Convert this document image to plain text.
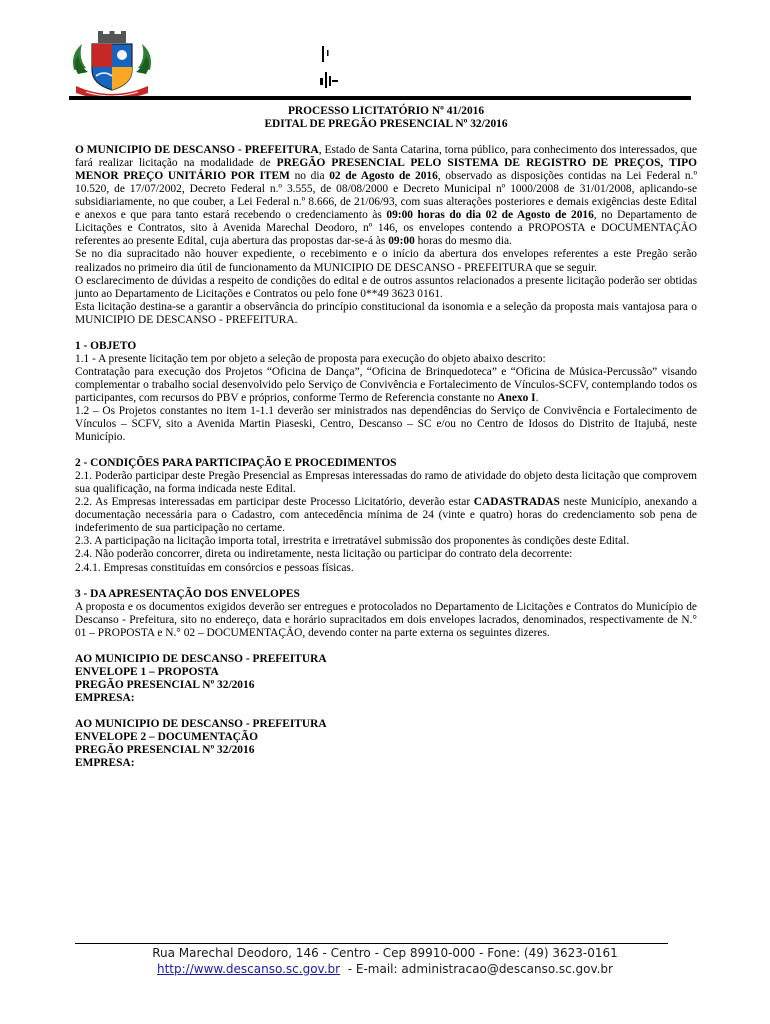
PROCESSO LICITATÓRIO Nº 41/2016

EDITAL DE PREGÃO PRESENCIAL Nº 32/2016

O MUNICIPIO DE DESCANSO - PREFEITURA, Estado de Santa Catarina, torna público, para conhecimento dos interessados, que fará realizar licitação na modalidade de PREGÃO PRESENCIAL PELO SISTEMA DE REGISTRO DE PREÇOS, TIPO MENOR PREÇO UNITÁRIO POR ITEM no dia 02 de Agosto de 2016, observado as disposições contidas na Lei Federal n.º 10.520, de 17/07/2002, Decreto Federal n.º 3.555, de 08/08/2000 e Decreto Municipal nº 1000/2008 de 31/01/2008, aplicando-se subsidiariamente, no que couber, a Lei Federal n.º 8.666, de 21/06/93, com suas alterações posteriores e demais exigências deste Edital e anexos e que para tanto estará recebendo o credenciamento às 09:00 horas do dia 02 de Agosto de 2016, no Departamento de Licitações e Contratos, sito à Avenida Marechal Deodoro, nº 146, os envelopes contendo a PROPOSTA e DOCUMENTAÇÃO referentes ao presente Edital, cuja abertura das propostas dar-se-á às 09:00 horas do mesmo dia.

Se no dia supracitado não houver expediente, o recebimento e o início da abertura dos envelopes referentes a este Pregão serão realizados no primeiro dia útil de funcionamento da MUNICIPIO DE DESCANSO - PREFEITURA que se seguir.

O esclarecimento de dúvidas a respeito de condições do edital e de outros assuntos relacionados a presente licitação poderão ser obtidas junto ao Departamento de Licitações e Contratos ou pelo fone 0**49 3623 0161.

Esta licitação destina-se a garantir a observância do princípio constitucional da isonomia e a seleção da proposta mais vantajosa para o MUNICIPIO DE DESCANSO - PREFEITURA.

1 - OBJETO

1.1 - A presente licitação tem por objeto a seleção de proposta para execução do objeto abaixo descrito:

Contratação para execução dos Projetos “Oficina de Dança”, “Oficina de Brinquedoteca” e “Oficina de Música-Percussão” visando complementar o trabalho social desenvolvido pelo Serviço de Convivência e Fortalecimento de Vínculos-SCFV, contemplando todos os participantes, com recursos do PBV e próprios, conforme Termo de Referencia constante no Anexo I.

1.2 – Os Projetos constantes no item 1-1.1 deverão ser ministrados nas dependências do Serviço de Convivência e Fortalecimento de Vínculos – SCFV, sito a Avenida Martin Piaseski, Centro, Descanso – SC e/ou no Centro de Idosos do Distrito de Itajubá, neste Município.

2 - CONDIÇÕES PARA PARTICIPAÇÃO E PROCEDIMENTOS

2.1. Poderão participar deste Pregão Presencial as Empresas interessadas do ramo de atividade do objeto desta licitação que comprovem sua qualificação, na forma indicada neste Edital.

2.2. As Empresas interessadas em participar deste Processo Licitatório, deverão estar CADASTRADAS neste Município, anexando a documentação necessária para o Cadastro, com antecedência mínima de 24 (vinte e quatro) horas do credenciamento sob pena de indeferimento de sua participação no certame.

2.3. A participação na licitação importa total, irrestrita e irretratável submissão dos proponentes às condições deste Edital.

2.4. Não poderão concorrer, direta ou indiretamente, nesta licitação ou participar do contrato dela decorrente:

2.4.1. Empresas constituídas em consórcios e pessoas físicas.

3 - DA APRESENTAÇÃO DOS ENVELOPES

A proposta e os documentos exigidos deverão ser entregues e protocolados no Departamento de Licitações e Contratos do Município de Descanso - Prefeitura, sito no endereço, data e horário supracitados em dois envelopes lacrados, denominados, respectivamente de N.° 01 – PROPOSTA e N.° 02 – DOCUMENTAÇÃO, devendo conter na parte externa os seguintes dizeres.

AO MUNICIPIO DE DESCANSO - PREFEITURA

ENVELOPE 1 – PROPOSTA

PREGÃO PRESENCIAL Nº 32/2016

EMPRESA:

AO MUNICIPIO DE DESCANSO - PREFEITURA

ENVELOPE 2 – DOCUMENTAÇÃO

PREGÃO PRESENCIAL Nº 32/2016

EMPRESA:

Rua Marechal Deodoro, 146 - Centro - Cep 89910-000 - Fone: (49) 3623-0161
http://www.descanso.sc.gov.br  - E-mail: administracao@descanso.sc.gov.br
